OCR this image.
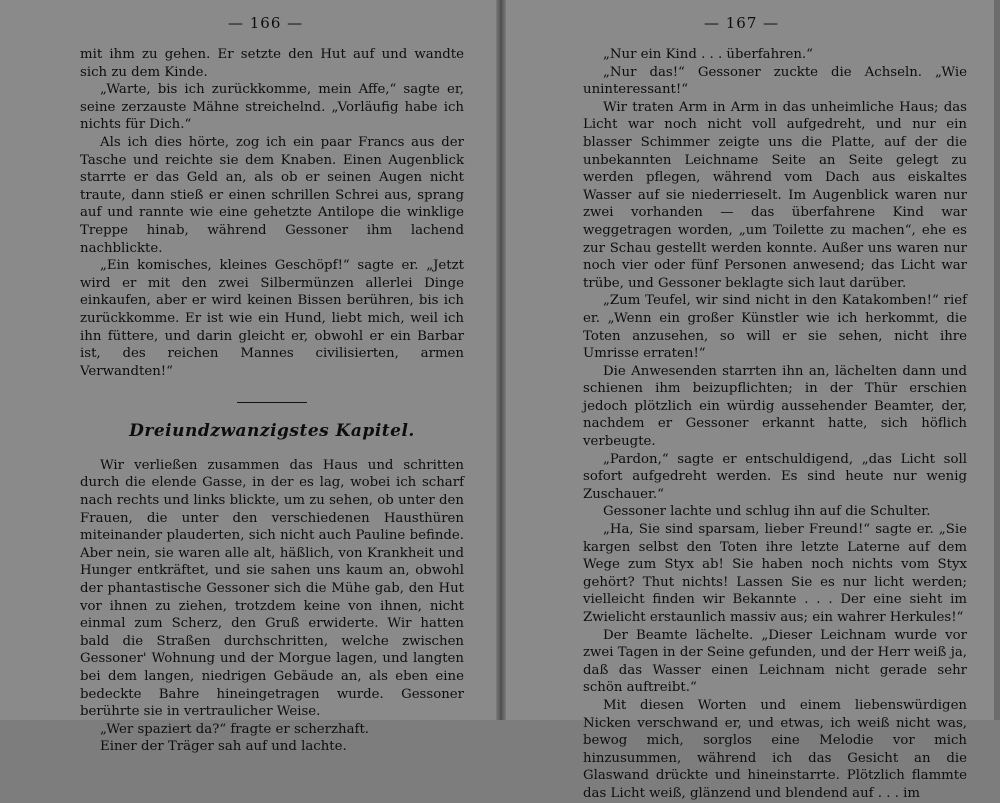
— 166 —

mit ihm zu gehen. Er setzte den Hut auf und wandte sich zu dem Kinde.

„Warte, bis ich zurückkomme, mein Affe,“ sagte er, seine zerzauste Mähne streichelnd. „Vorläufig habe ich nichts für Dich.“

Als ich dies hörte, zog ich ein paar Francs aus der Tasche und reichte sie dem Knaben. Einen Augenblick starrte er das Geld an, als ob er seinen Augen nicht traute, dann stieß er einen schrillen Schrei aus, sprang auf und rannte wie eine gehetzte Antilope die winklige Treppe hinab, während Gessoner ihm lachend nachblickte.

„Ein komisches, kleines Geschöpf!“ sagte er. „Jetzt wird er mit den zwei Silbermünzen allerlei Dinge einkaufen, aber er wird keinen Bissen berühren, bis ich zurückkomme. Er ist wie ein Hund, liebt mich, weil ich ihn füttere, und darin gleicht er, obwohl er ein Barbar ist, des reichen Mannes civilisierten, armen Verwandten!“

Dreiundzwanzigstes Kapitel.

Wir verließen zusammen das Haus und schritten durch die elende Gasse, in der es lag, wobei ich scharf nach rechts und links blickte, um zu sehen, ob unter den Frauen, die unter den verschiedenen Hausthüren miteinander plauderten, sich nicht auch Pauline befinde. Aber nein, sie waren alle alt, häßlich, von Krankheit und Hunger entkräftet, und sie sahen uns kaum an, obwohl der phantastische Gessoner sich die Mühe gab, den Hut vor ihnen zu ziehen, trotzdem keine von ihnen, nicht einmal zum Scherz, den Gruß erwiderte. Wir hatten bald die Straßen durchschritten, welche zwischen Gessoner' Wohnung und der Morgue lagen, und langten bei dem langen, niedrigen Gebäude an, als eben eine bedeckte Bahre hineingetragen wurde. Gessoner berührte sie in vertraulicher Weise.

„Wer spaziert da?“ fragte er scherzhaft.

Einer der Träger sah auf und lachte.

— 167 —

„Nur ein Kind . . . überfahren.“

„Nur das!“ Gessoner zuckte die Achseln. „Wie uninteressant!“

Wir traten Arm in Arm in das unheimliche Haus; das Licht war noch nicht voll aufgedreht, und nur ein blasser Schimmer zeigte uns die Platte, auf der die unbekannten Leichname Seite an Seite gelegt zu werden pflegen, während vom Dach aus eiskaltes Wasser auf sie niederrieselt. Im Augenblick waren nur zwei vorhanden — das überfahrene Kind war weggetragen worden, „um Toilette zu machen“, ehe es zur Schau gestellt werden konnte. Außer uns waren nur noch vier oder fünf Personen anwesend; das Licht war trübe, und Gessoner beklagte sich laut darüber.

„Zum Teufel, wir sind nicht in den Katakomben!“ rief er. „Wenn ein großer Künstler wie ich herkommt, die Toten anzusehen, so will er sie sehen, nicht ihre Umrisse erraten!“

Die Anwesenden starrten ihn an, lächelten dann und schienen ihm beizupflichten; in der Thür erschien jedoch plötzlich ein würdig aussehender Beamter, der, nachdem er Gessoner erkannt hatte, sich höflich verbeugte.

„Pardon,“ sagte er entschuldigend, „das Licht soll sofort aufgedreht werden. Es sind heute nur wenig Zuschauer.“

Gessoner lachte und schlug ihn auf die Schulter.

„Ha, Sie sind sparsam, lieber Freund!“ sagte er. „Sie kargen selbst den Toten ihre letzte Laterne auf dem Wege zum Styx ab! Sie haben noch nichts vom Styx gehört? Thut nichts! Lassen Sie es nur licht werden; vielleicht finden wir Bekannte . . . Der eine sieht im Zwielicht erstaunlich massiv aus; ein wahrer Herkules!“

Der Beamte lächelte. „Dieser Leichnam wurde vor zwei Tagen in der Seine gefunden, und der Herr weiß ja, daß das Wasser einen Leichnam nicht gerade sehr schön auftreibt.“

Mit diesen Worten und einem liebenswürdigen Nicken verschwand er, und etwas, ich weiß nicht was, bewog mich, sorglos eine Melodie vor mich hinzusummen, während ich das Gesicht an die Glaswand drückte und hineinstarrte. Plötzlich flammte das Licht weiß, glänzend und blendend auf . . . im
